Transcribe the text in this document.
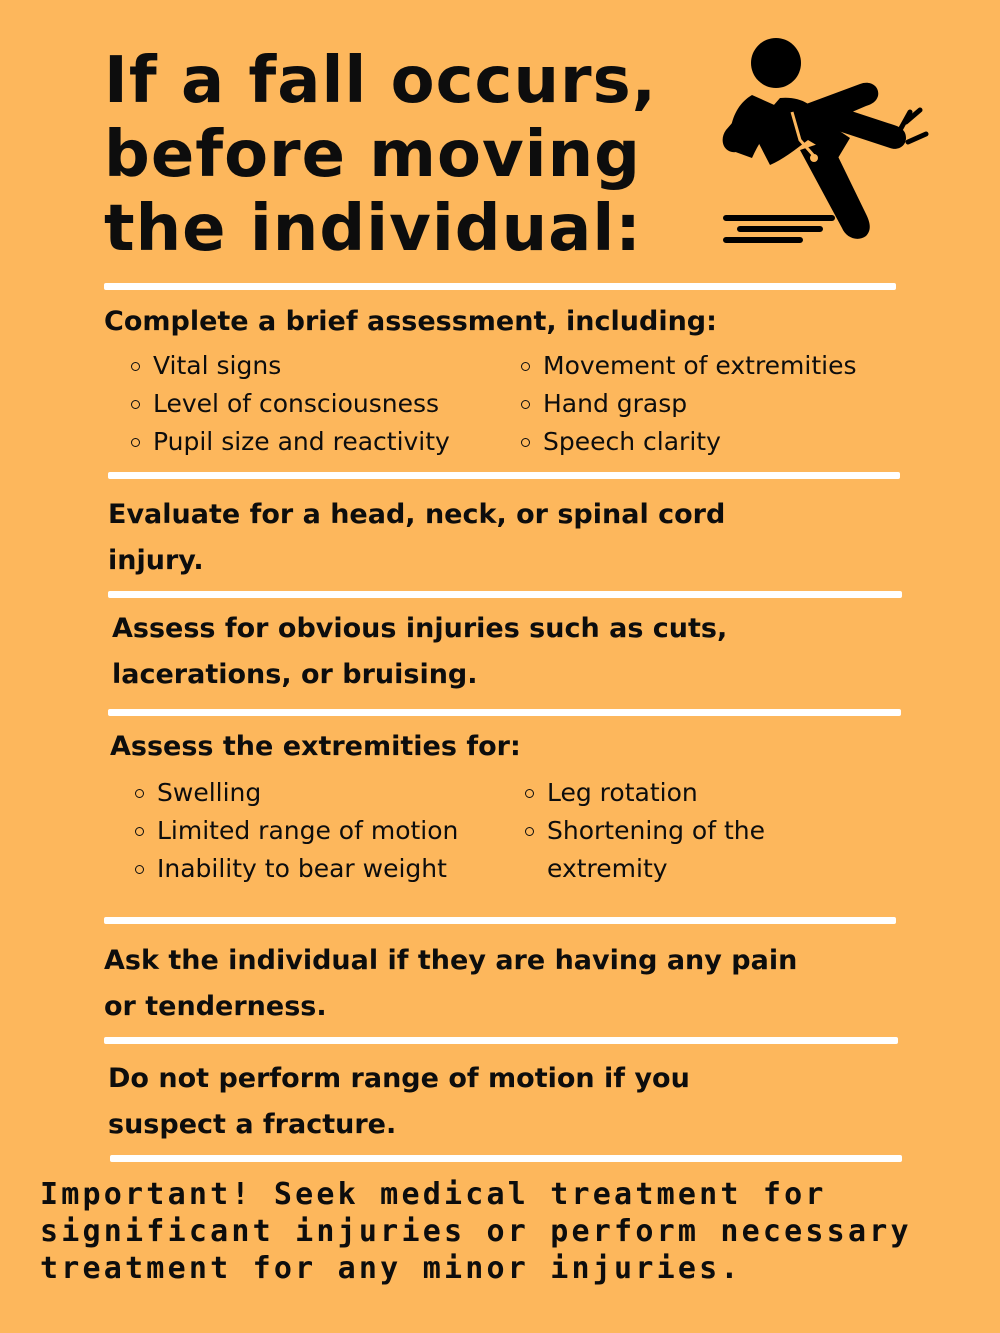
If a fall occurs,
before moving
the individual:
Complete a brief assessment, including:
Vital signs
Level of consciousness
Pupil size and reactivity
Movement of extremities
Hand grasp
Speech clarity
Evaluate for a head, neck, or spinal cord
injury.
Assess for obvious injuries such as cuts,
lacerations, or bruising.
Assess the extremities for:
Swelling
Limited range of motion
Inability to bear weight
Leg rotation
Shortening of the
extremity
Ask the individual if they are having any pain
or tenderness.
Do not perform range of motion if you
suspect a fracture.
Important! Seek medical treatment for
significant injuries or perform necessary
treatment for any minor injuries.
